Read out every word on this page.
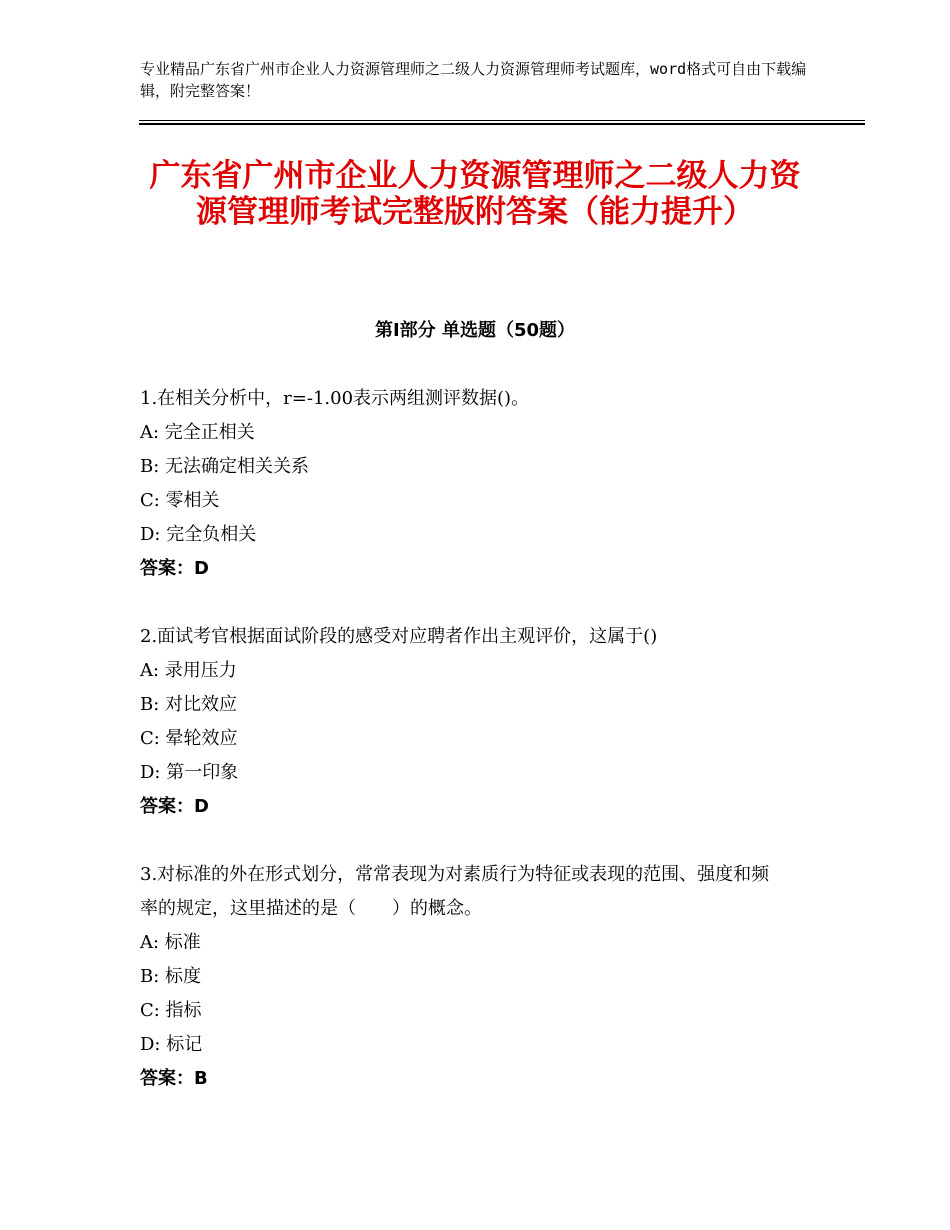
专业精品广东省广州市企业人力资源管理师之二级人力资源管理师考试题库，word格式可自由下载编辑，附完整答案！
广东省广州市企业人力资源管理师之二级人力资源管理师考试完整版附答案（能力提升）
第Ⅰ部分 单选题（50题）
1.在相关分析中，r=-1.00表示两组测评数据()。
A: 完全正相关
B: 无法确定相关关系
C: 零相关
D: 完全负相关
答案：D
2.面试考官根据面试阶段的感受对应聘者作出主观评价，这属于()
A: 录用压力
B: 对比效应
C: 晕轮效应
D: 第一印象
答案：D
3.对标准的外在形式划分，常常表现为对素质行为特征或表现的范围、强度和频率的规定，这里描述的是（　　）的概念。
A: 标准
B: 标度
C: 指标
D: 标记
答案：B
